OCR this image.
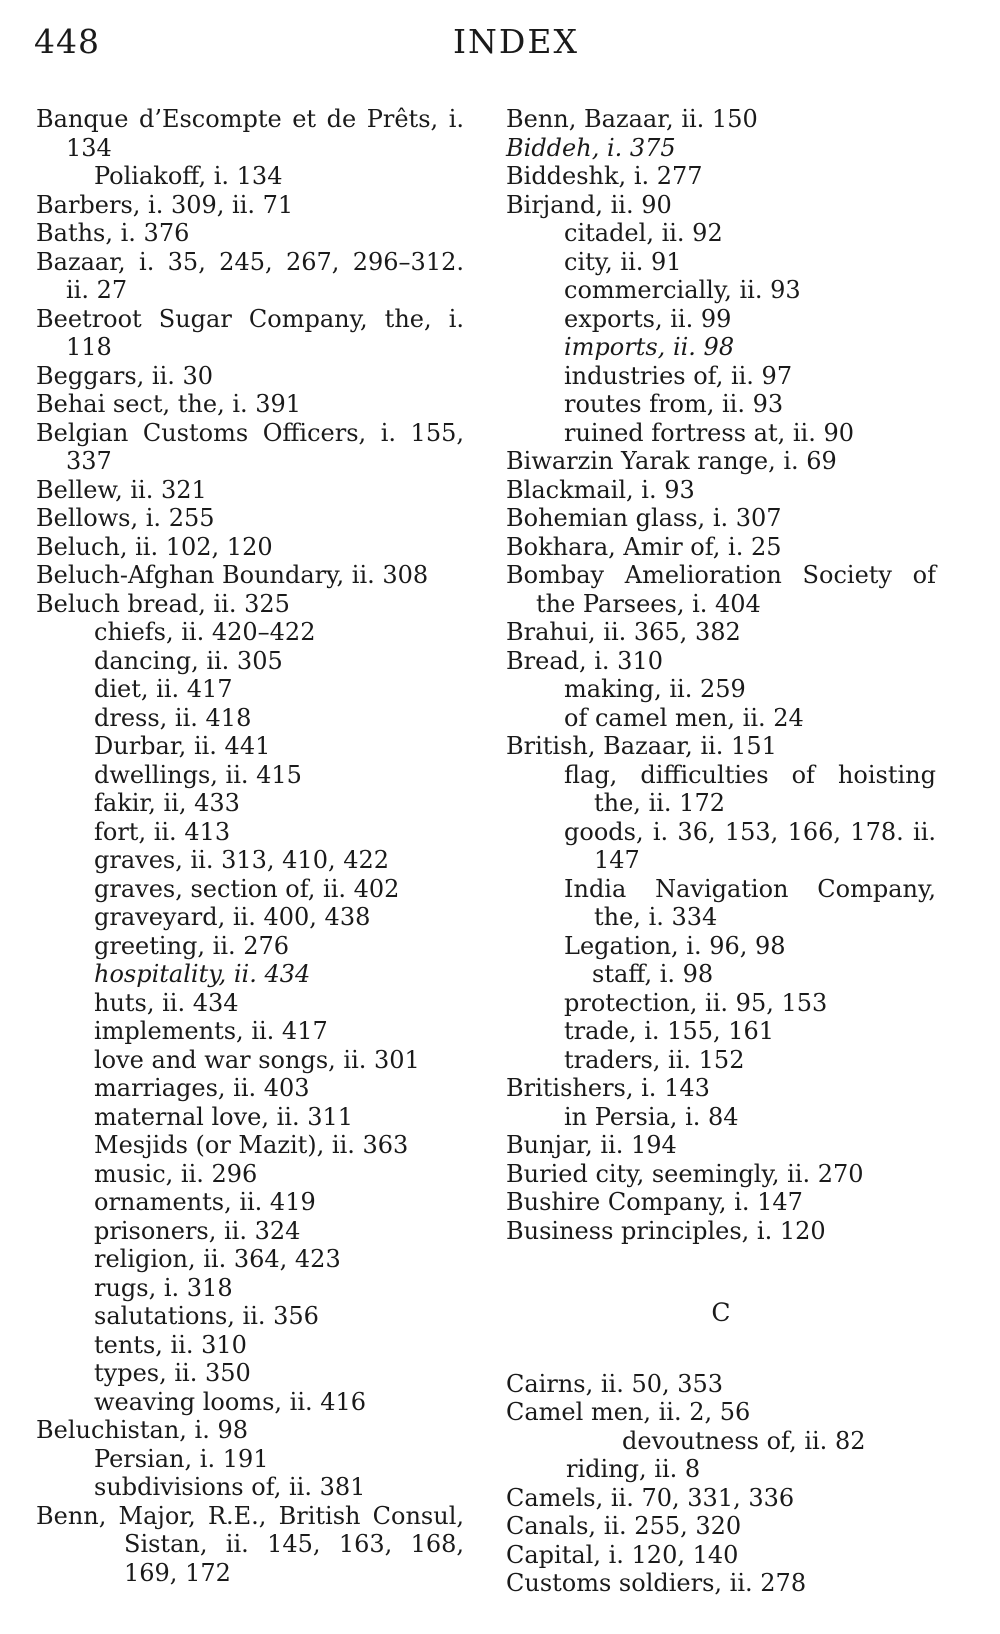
448	INDEX
Banque d’Escompte et de Prêts, i. 134
Poliakoff, i. 134
Barbers, i. 309, ii. 71
Baths, i. 376
Bazaar, i. 35, 245, 267, 296–312. ii. 27
Beetroot Sugar Company, the, i. 118
Beggars, ii. 30
Behai sect, the, i. 391
Belgian Customs Officers, i. 155, 337
Bellew, ii. 321
Bellows, i. 255
Beluch, ii. 102, 120
Beluch-Afghan Boundary, ii. 308
Beluch bread, ii. 325
chiefs, ii. 420–422
dancing, ii. 305
diet, ii. 417
dress, ii. 418
Durbar, ii. 441
dwellings, ii. 415
fakir, ii, 433
fort, ii. 413
graves, ii. 313, 410, 422
graves, section of, ii. 402
graveyard, ii. 400, 438
greeting, ii. 276
hospitality, ii. 434
huts, ii. 434
implements, ii. 417
love and war songs, ii. 301
marriages, ii. 403
maternal love, ii. 311
Mesjids (or Mazit), ii. 363
music, ii. 296
ornaments, ii. 419
prisoners, ii. 324
religion, ii. 364, 423
rugs, i. 318
salutations, ii. 356
tents, ii. 310
types, ii. 350
weaving looms, ii. 416
Beluchistan, i. 98
Persian, i. 191
subdivisions of, ii. 381
Benn, Major, R.E., British Consul, Sistan, ii. 145, 163, 168, 169, 172
Benn, Bazaar, ii. 150
Biddeh, i. 375
Biddeshk, i. 277
Birjand, ii. 90
citadel, ii. 92
city, ii. 91
commercially, ii. 93
exports, ii. 99
imports, ii. 98
industries of, ii. 97
routes from, ii. 93
ruined fortress at, ii. 90
Biwarzin Yarak range, i. 69
Blackmail, i. 93
Bohemian glass, i. 307
Bokhara, Amir of, i. 25
Bombay Amelioration Society of the Parsees, i. 404
Brahui, ii. 365, 382
Bread, i. 310
making, ii. 259
of camel men, ii. 24
British, Bazaar, ii. 151
flag, difficulties of hoisting the, ii. 172
goods, i. 36, 153, 166, 178. ii. 147
India Navigation Company, the, i. 334
Legation, i. 96, 98
staff, i. 98
protection, ii. 95, 153
trade, i. 155, 161
traders, ii. 152
Britishers, i. 143
in Persia, i. 84
Bunjar, ii. 194
Buried city, seemingly, ii. 270
Bushire Company, i. 147
Business principles, i. 120
C
Cairns, ii. 50, 353
Camel men, ii. 2, 56
devoutness of, ii. 82
riding, ii. 8
Camels, ii. 70, 331, 336
Canals, ii. 255, 320
Capital, i. 120, 140
Customs soldiers, ii. 278
